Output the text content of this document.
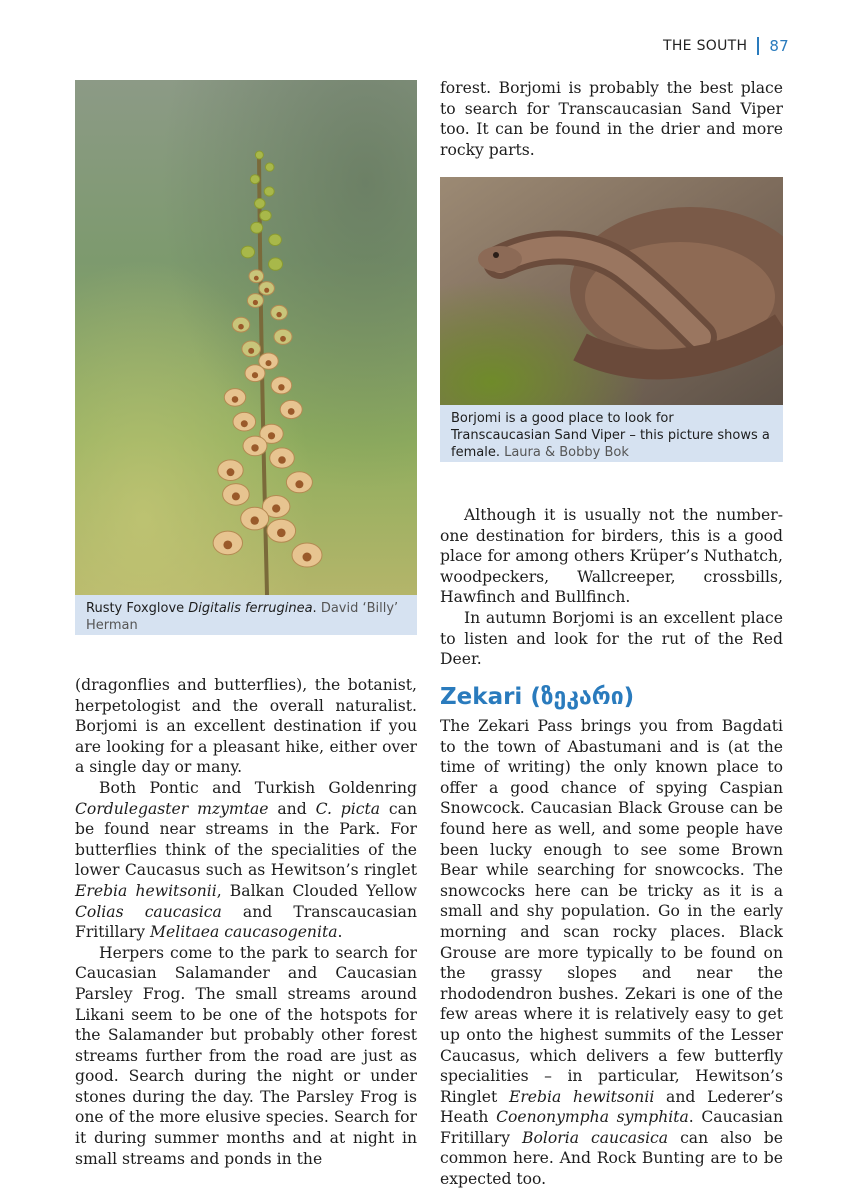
THE SOUTH 87
Rusty Foxglove Digitalis ferruginea. David ‘Billy’ Herman

forest. Borjomi is probably the best place to search for Transcaucasian Sand Viper too. It can be found in the drier and more rocky parts.

Borjomi is a good place to look for Transcaucasian Sand Viper – this picture shows a female. Laura & Bobby Bok

Although it is usually not the number-one destination for birders, this is a good place for among others Krüper’s Nuthatch, woodpeckers, Wallcreeper, crossbills, Hawfinch and Bullfinch.

In autumn Borjomi is an excellent place to listen and look for the rut of the Red Deer.

Zekari (ზეკარი)

The Zekari Pass brings you from Bagdati to the town of Abastumani and is (at the time of writing) the only known place to offer a good chance of spying Caspian Snowcock. Caucasian Black Grouse can be found here as well, and some people have been lucky enough to see some Brown Bear while searching for snowcocks. The snowcocks here can be tricky as it is a small and shy population. Go in the early morning and scan rocky places. Black Grouse are more typically to be found on the grassy slopes and near the rhododendron bushes. Zekari is one of the few areas where it is relatively easy to get up onto the highest summits of the Lesser Caucasus, which delivers a few butterfly specialities – in particular, Hewitson’s Ringlet Erebia hewitsonii and Lederer’s Heath Coenonympha symphita. Caucasian Fritillary Boloria caucasica can also be common here. And Rock Bunting are to be expected too.

(dragonflies and butterflies), the botanist, herpetologist and the overall naturalist. Borjomi is an excellent destination if you are looking for a pleasant hike, either over a single day or many.

Both Pontic and Turkish Goldenring Cordulegaster mzymtae and C. picta can be found near streams in the Park. For butterflies think of the specialities of the lower Caucasus such as Hewitson’s ringlet Erebia hewitsonii, Balkan Clouded Yellow Colias caucasica and Transcaucasian Fritillary Melitaea caucasogenita.

Herpers come to the park to search for Caucasian Salamander and Caucasian Parsley Frog. The small streams around Likani seem to be one of the hotspots for the Salamander but probably other forest streams further from the road are just as good. Search during the night or under stones during the day. The Parsley Frog is one of the more elusive species. Search for it during summer months and at night in small streams and ponds in the
